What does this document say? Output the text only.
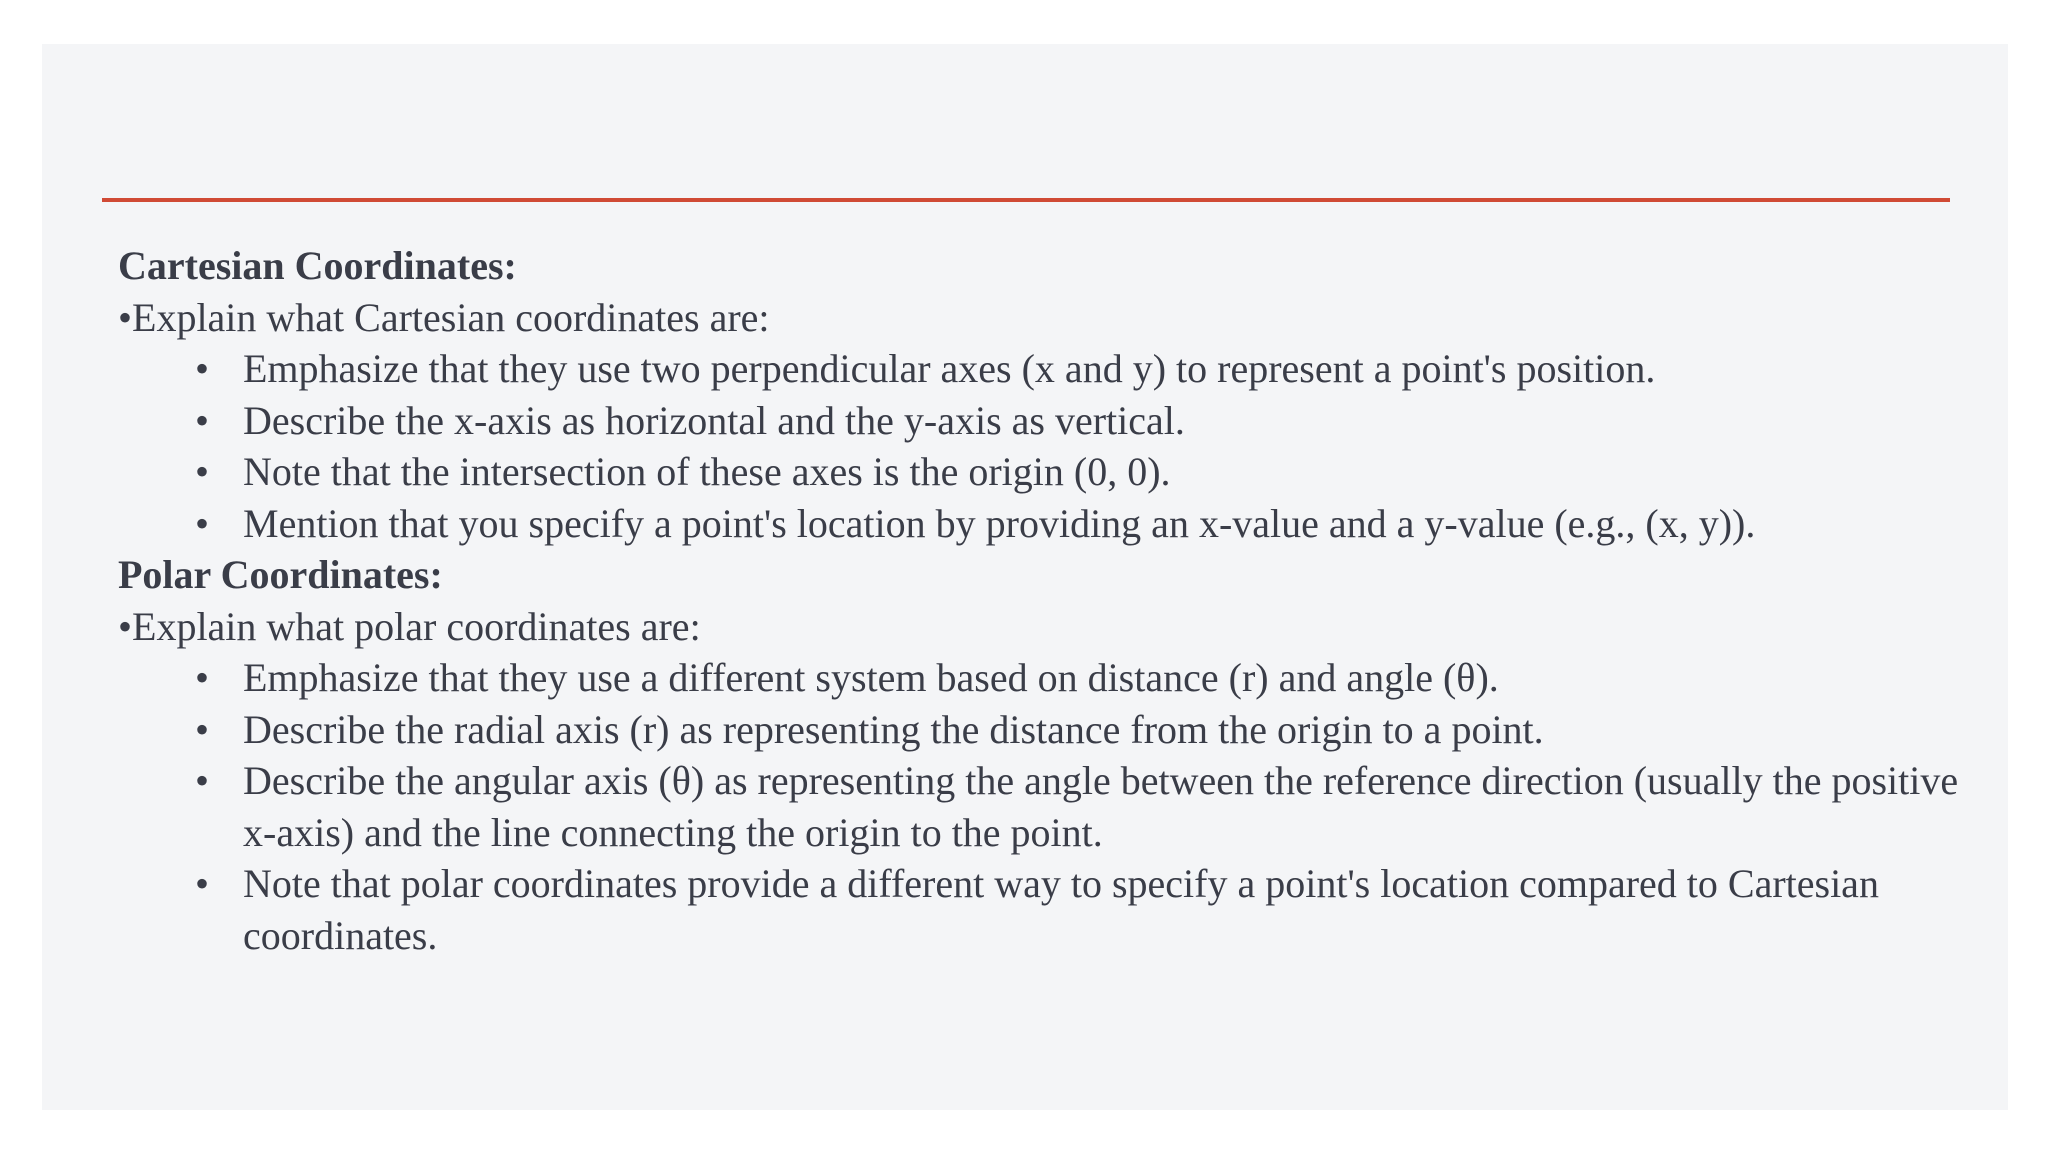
Cartesian Coordinates:

•Explain what Cartesian coordinates are:

• Emphasize that they use two perpendicular axes (x and y) to represent a point's position.
• Describe the x-axis as horizontal and the y-axis as vertical.
• Note that the intersection of these axes is the origin (0, 0).
• Mention that you specify a point's location by providing an x-value and a y-value (e.g., (x, y)).

Polar Coordinates:

•Explain what polar coordinates are:

• Emphasize that they use a different system based on distance (r) and angle (θ).
• Describe the radial axis (r) as representing the distance from the origin to a point.
• Describe the angular axis (θ) as representing the angle between the reference direction (usually the positive x-axis) and the line connecting the origin to the point.
• Note that polar coordinates provide a different way to specify a point's location compared to Cartesian coordinates.
